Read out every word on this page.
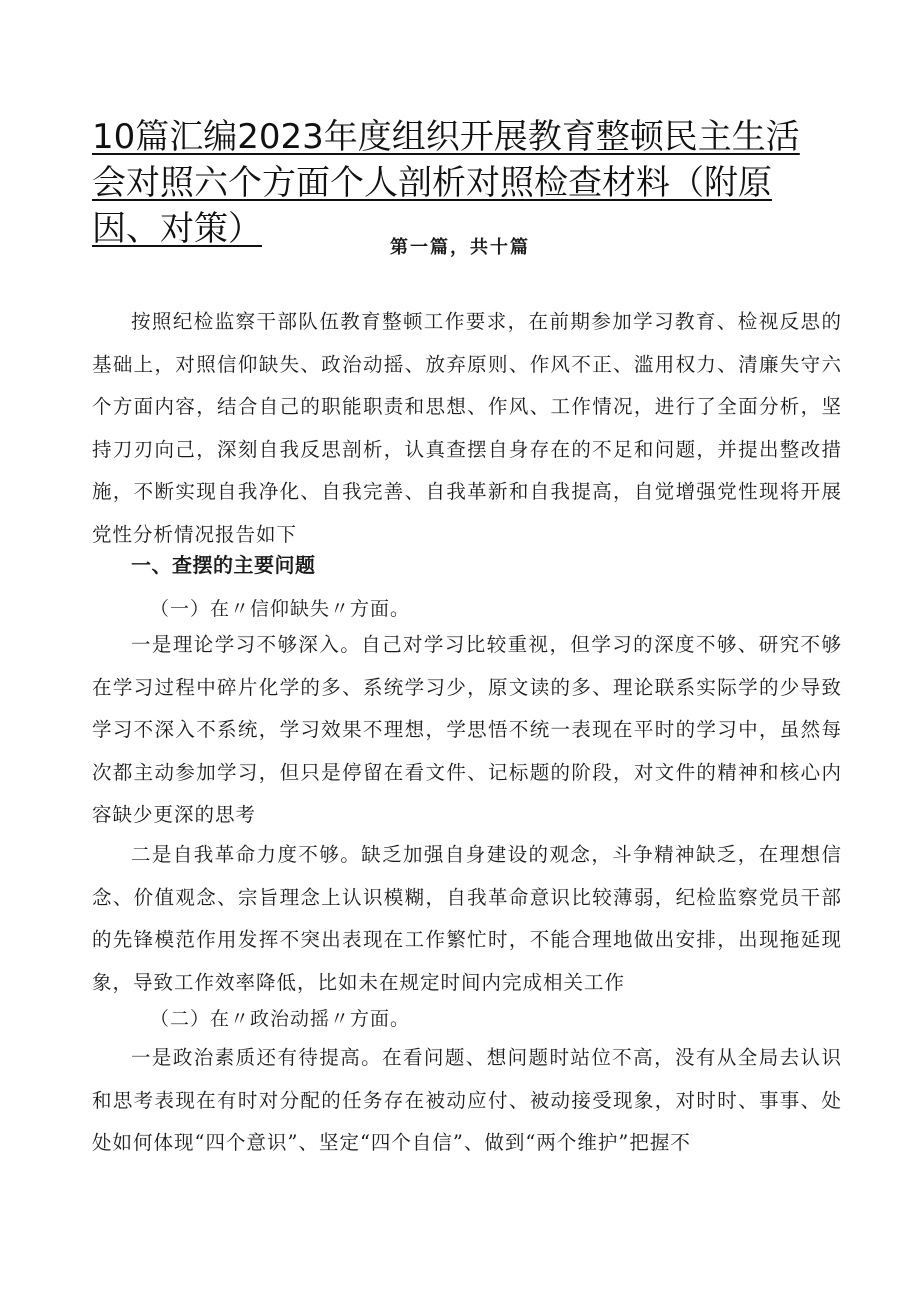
10篇汇编2023年度组织开展教育整顿民主生活会对照六个方面个人剖析对照检查材料（附原因、对策）	第一篇，共十篇

按照纪检监察干部队伍教育整顿工作要求，在前期参加学习教育、检视反思的基础上，对照信仰缺失、政治动摇、放弃原则、作风不正、滥用权力、清廉失守六个方面内容，结合自己的职能职责和思想、作风、工作情况，进行了全面分析，坚持刀刃向己，深刻自我反思剖析，认真查摆自身存在的不足和问题，并提出整改措施，不断实现自我净化、自我完善、自我革新和自我提高，自觉增强党性现将开展党性分析情况报告如下

一、查摆的主要问题

（一）在〃信仰缺失〃方面。

一是理论学习不够深入。自己对学习比较重视，但学习的深度不够、研究不够在学习过程中碎片化学的多、系统学习少，原文读的多、理论联系实际学的少导致学习不深入不系统，学习效果不理想，学思悟不统一表现在平时的学习中，虽然每次都主动参加学习，但只是停留在看文件、记标题的阶段，对文件的精神和核心内容缺少更深的思考

二是自我革命力度不够。缺乏加强自身建设的观念，斗争精神缺乏，在理想信念、价值观念、宗旨理念上认识模糊，自我革命意识比较薄弱，纪检监察党员干部的先锋模范作用发挥不突出表现在工作繁忙时，不能合理地做出安排，出现拖延现象，导致工作效率降低，比如未在规定时间内完成相关工作

（二）在〃政治动摇〃方面。

一是政治素质还有待提高。在看问题、想问题时站位不高，没有从全局去认识和思考表现在有时对分配的任务存在被动应付、被动接受现象，对时时、事事、处处如何体现“四个意识”、坚定“四个自信”、做到“两个维护”把握不
